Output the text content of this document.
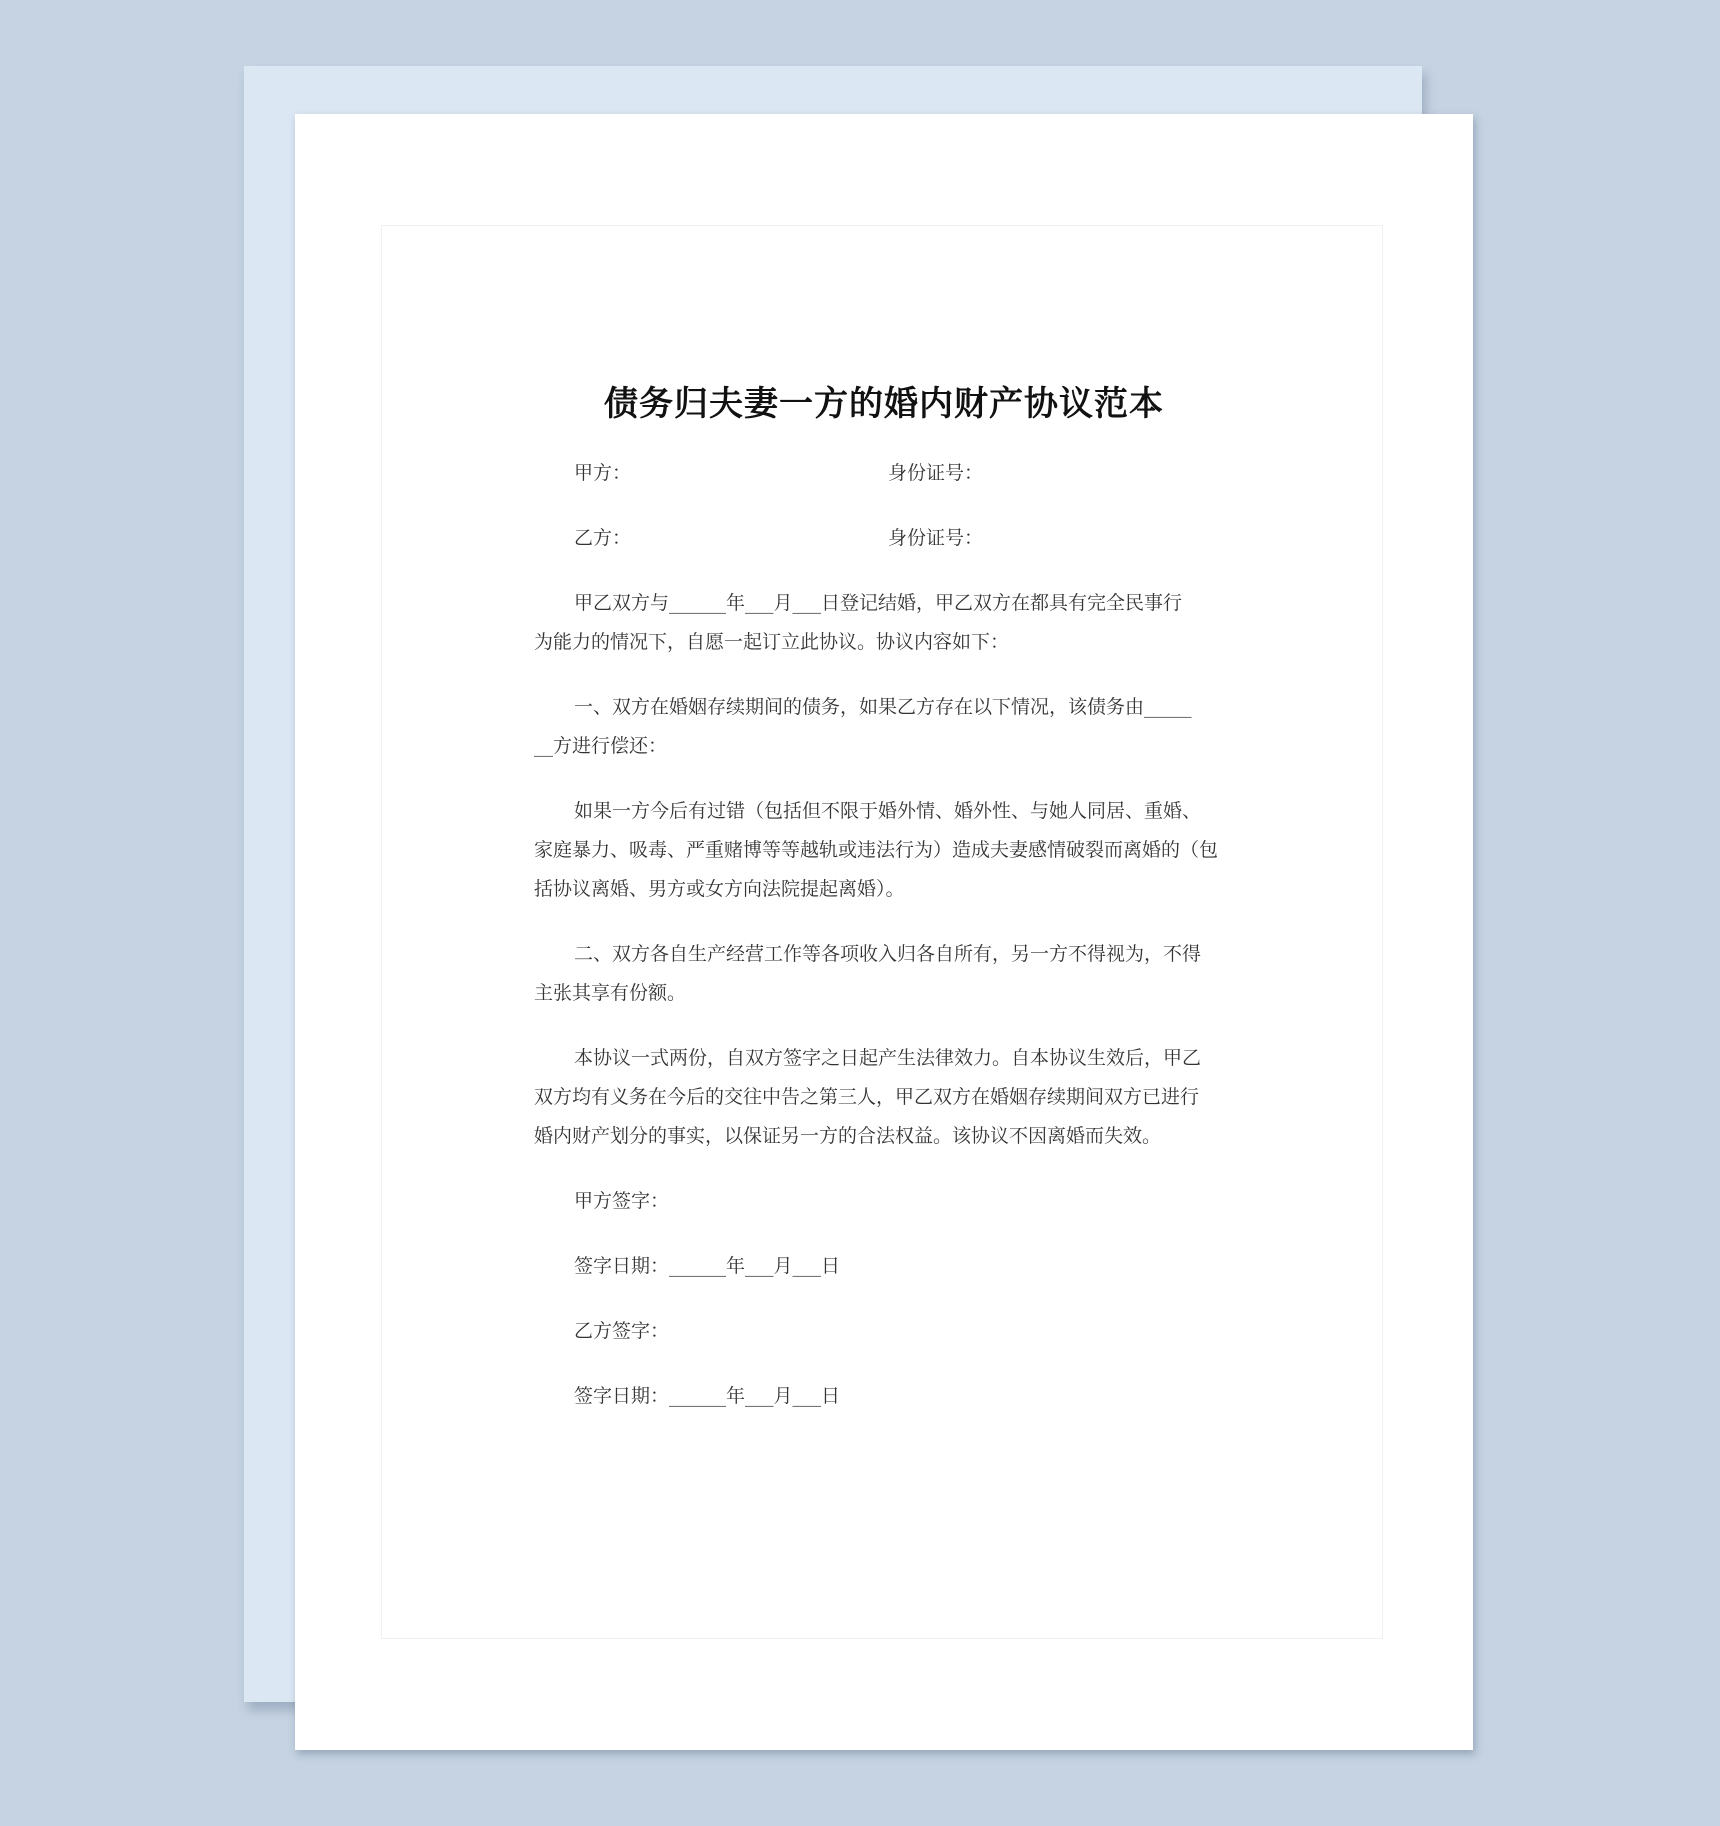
债务归夫妻一方的婚内财产协议范本
甲方：	身份证号：
乙方：	身份证号：
甲乙双方与______年___月___日登记结婚，甲乙双方在都具有完全民事行
为能力的情况下，自愿一起订立此协议。协议内容如下：
一、双方在婚姻存续期间的债务，如果乙方存在以下情况，该债务由_____
__方进行偿还：
如果一方今后有过错（包括但不限于婚外情、婚外性、与她人同居、重婚、
家庭暴力、吸毒、严重赌博等等越轨或违法行为）造成夫妻感情破裂而离婚的（包
括协议离婚、男方或女方向法院提起离婚）。
二、双方各自生产经营工作等各项收入归各自所有，另一方不得视为，不得
主张其享有份额。
本协议一式两份，自双方签字之日起产生法律效力。自本协议生效后，甲乙
双方均有义务在今后的交往中告之第三人，甲乙双方在婚姻存续期间双方已进行
婚内财产划分的事实，以保证另一方的合法权益。该协议不因离婚而失效。
甲方签字：
签字日期：______年___月___日
乙方签字：
签字日期：______年___月___日
